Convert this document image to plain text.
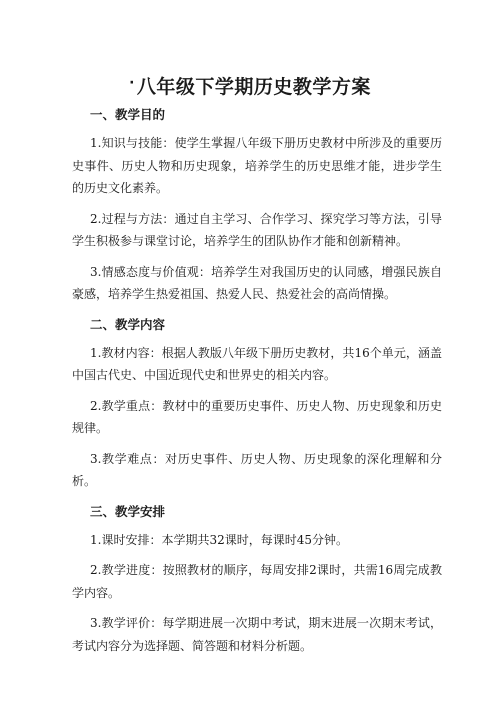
· 八年级下学期历史教学方案
一、教学目的

1.知识与技能：使学生掌握八年级下册历史教材中所涉及的重要历史事件、历史人物和历史现象，培养学生的历史思维才能，进步学生的历史文化素养。

2.过程与方法：通过自主学习、合作学习、探究学习等方法，引导学生积极参与课堂讨论，培养学生的团队协作才能和创新精神。

3.情感态度与价值观：培养学生对我国历史的认同感，增强民族自豪感，培养学生热爱祖国、热爱人民、热爱社会的高尚情操。

二、教学内容

1.教材内容：根据人教版八年级下册历史教材，共16个单元，涵盖中国古代史、中国近现代史和世界史的相关内容。

2.教学重点：教材中的重要历史事件、历史人物、历史现象和历史规律。

3.教学难点：对历史事件、历史人物、历史现象的深化理解和分析。

三、教学安排

1.课时安排：本学期共32课时，每课时45分钟。

2.教学进度：按照教材的顺序，每周安排2课时，共需16周完成教学内容。

3.教学评价：每学期进展一次期中考试，期末进展一次期末考试，考试内容分为选择题、简答题和材料分析题。
